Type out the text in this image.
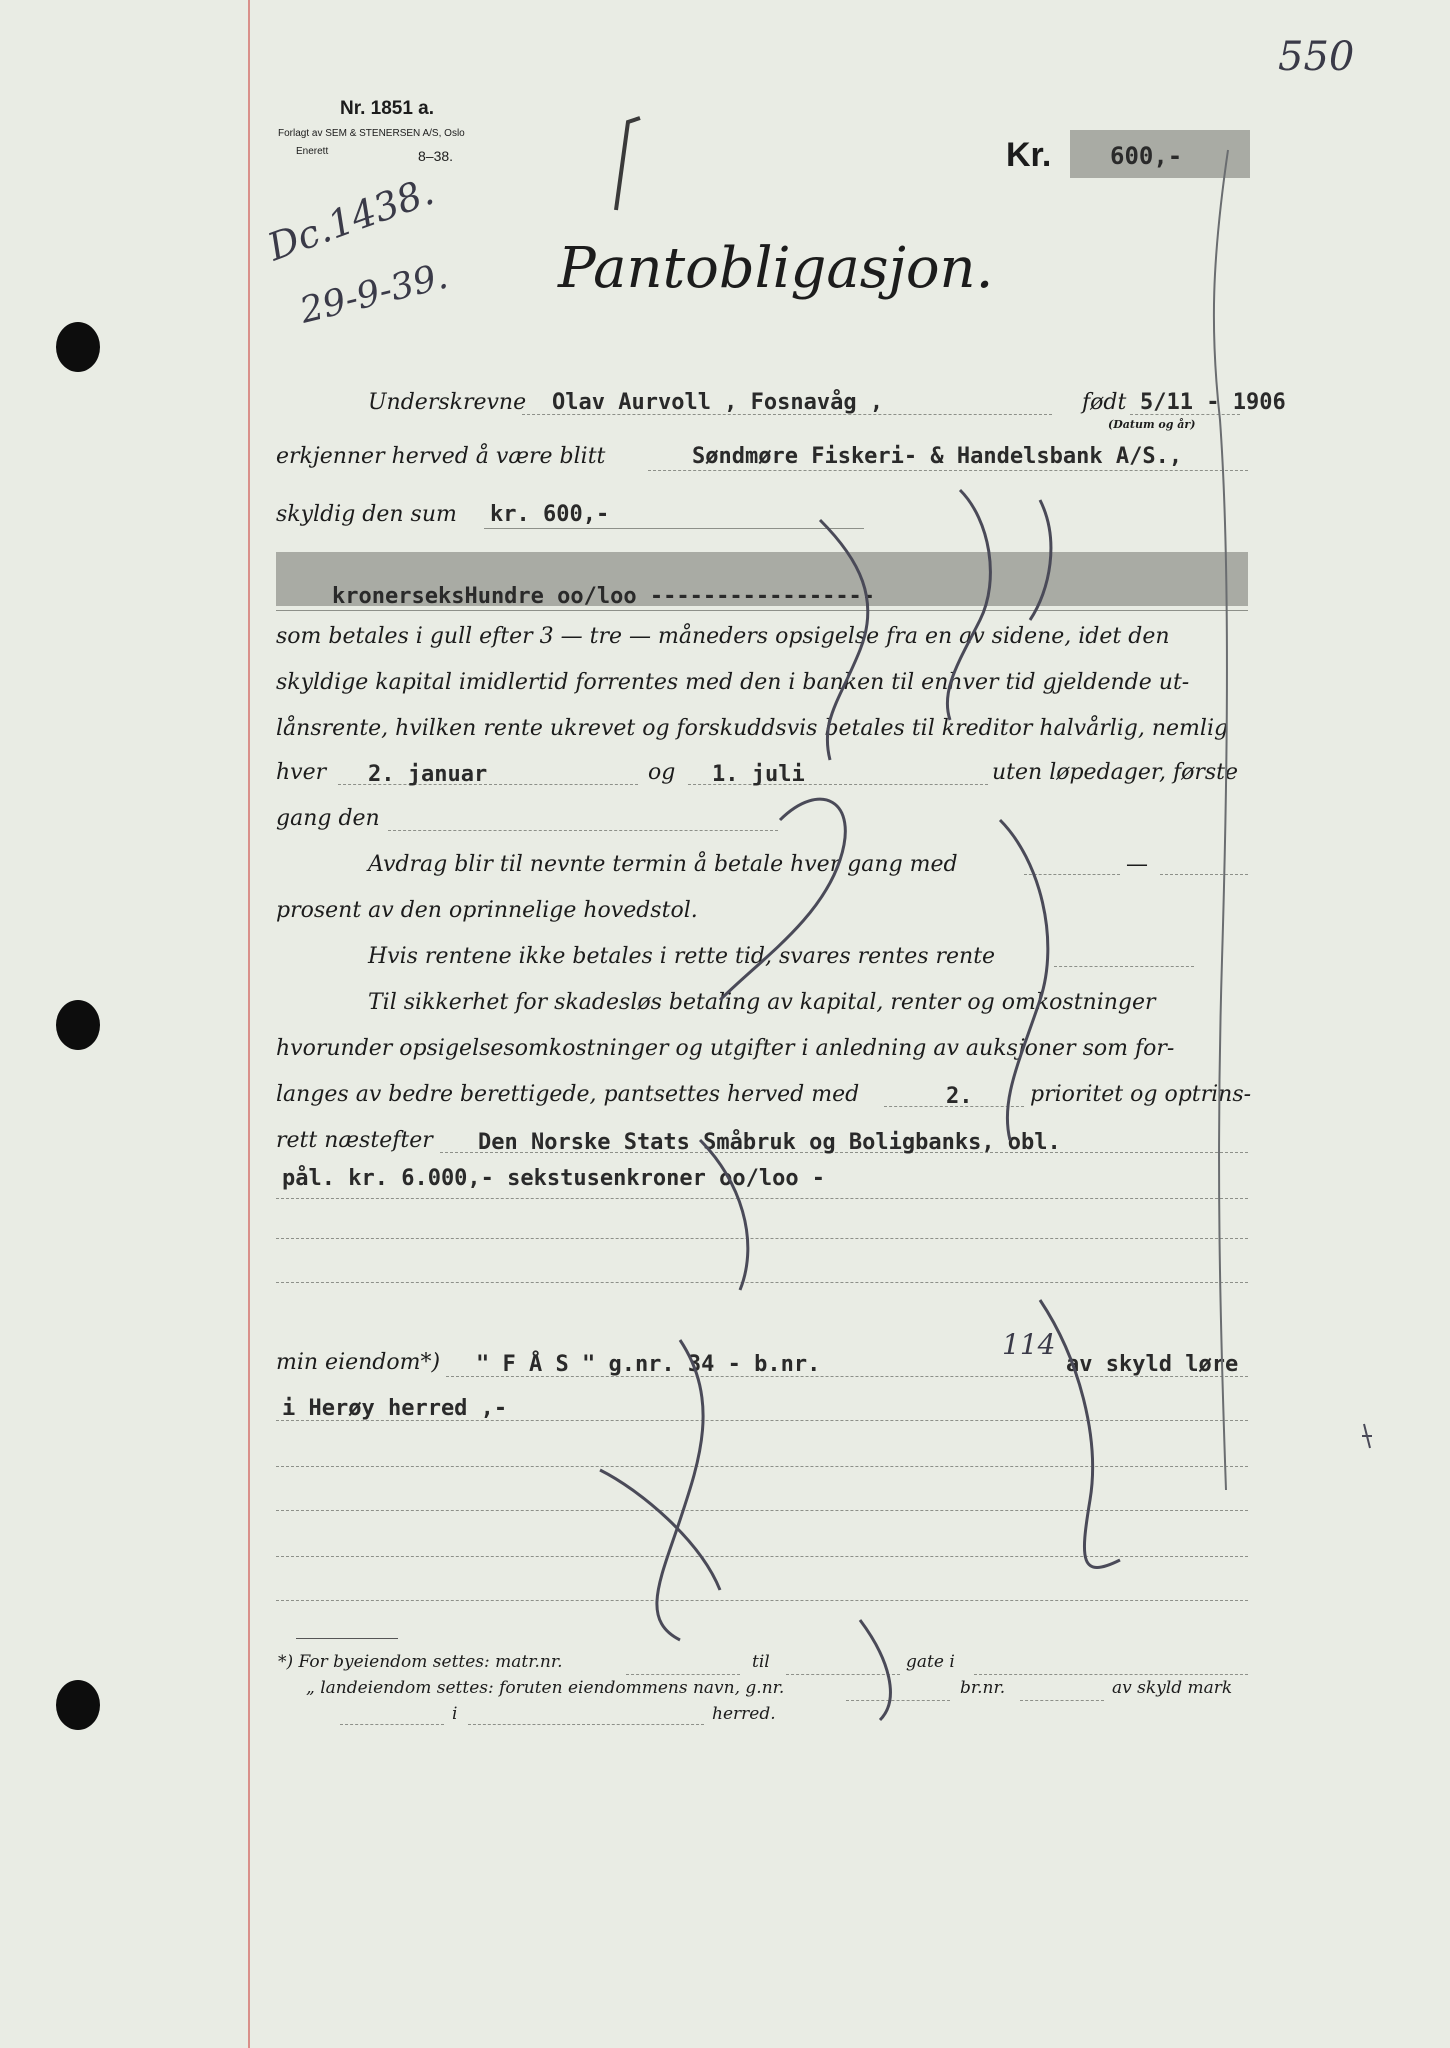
550
Nr. 1851 a.
Forlagt av SEM & STENERSEN A/S, Oslo
Enerett	8–38.
Dc.1438.
29-9-39.
Kr. 600,-
Pantobligasjon.
Underskrevne Olav Aurvoll , Fosnavåg ,	født 5/11 - 1906
(Datum og år)
erkjenner herved å være blitt	Søndmøre Fiskeri- & Handelsbank A/S.,
skyldig den sum kr. 600,-
kronerseksHundre oo/loo -----------------
som betales i gull efter 3 — tre — måneders opsigelse fra en av sidene, idet den
skyldige kapital imidlertid forrentes med den i banken til enhver tid gjeldende ut-
lånsrente, hvilken rente ukrevet og forskuddsvis betales til kreditor halvårlig, nemlig
hver 2. januar	og 1. juli	uten løpedager, første
gang den
Avdrag blir til nevnte termin å betale hver gang med	—
prosent av den oprinnelige hovedstol.
Hvis rentene ikke betales i rette tid, svares rentes rente
Til sikkerhet for skadesløs betaling av kapital, renter og omkostninger
hvorunder opsigelsesomkostninger og utgifter i anledning av auksjoner som for-
langes av bedre berettigede, pantsettes herved med	2.	prioritet og optrins-
rett næstefter Den Norske Stats Småbruk og Boligbanks, obl.
pål. kr. 6.000,- sekstusenkroner oo/loo -
min eiendom*) " F Å S " g.nr. 34 - b.nr.
114
av skyld løre
i Herøy herred ,-
*) For byeiendom settes: matr.nr.	til	gate i
„ landeiendom settes: foruten eiendommens navn, g.nr.	br.nr.	av skyld mark
i	herred.
